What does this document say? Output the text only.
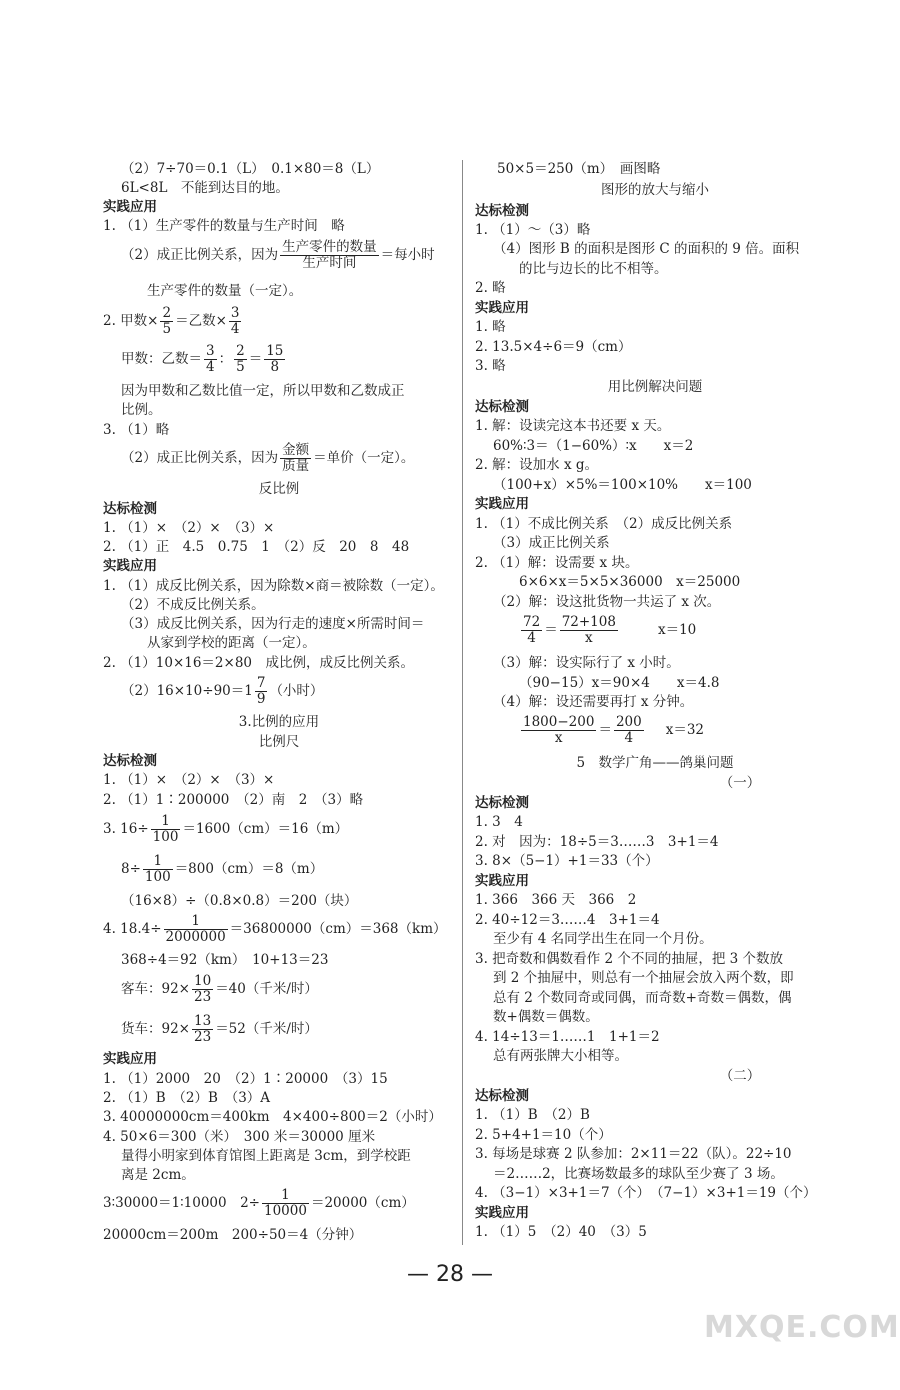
（2）7÷70＝0.1（L）　0.1×80＝8（L）
6L<8L　不能到达目的地。
实践应用
1. （1）生产零件的数量与生产时间　略
（2）成正比例关系，因为 $\frac{\text{生产零件的数量}}{\text{生产时间}}$ ＝每小时
生产零件的数量（一定）。
2. 甲数× $\frac{2}{5}$ ＝乙数× $\frac{3}{4}$
甲数：乙数＝ $\frac{3}{4}$ ： $\frac{2}{5} = \frac{15}{8}$
因为甲数和乙数比值一定，所以甲数和乙数成正
比例。
3. （1）略
（2）成正比例关系，因为 $\frac{\text{金额}}{\text{质量}}$ ＝单价（一定）。
反比例
达标检测
1. （1）×　（2）×　（3）×
2. （1）正　4.5　0.75　1　（2）反　20　8　48
实践应用
1. （1）成反比例关系，因为除数×商＝被除数（一定）。
（2）不成反比例关系。
（3）成反比例关系，因为行走的速度×所需时间＝
从家到学校的距离（一定）。
2. （1）10×16＝2×80　成比例，成反比例关系。
$(2)16\times 10\div 90=1 \frac{7}{9}$ （小时）
3.比例的应用
比例尺
达标检测
1. （1）×　（2）×　（3）×
2. （1）1∶200000　（2）南　2　（3）略
3. $16\div \frac{1}{100} =1600(cm)=16(m)$
$8\div \frac{1}{100} =800(cm)=8(m)$
（16×8）÷（0.8×0.8）＝200（块）
4. $18.4\div \frac{1}{2000000} =36800000(cm)=368(km)$
368÷4＝92（km）　10+13＝23
客车：$92\times \frac{10}{23} =40$（千米/时）
货车：$92\times \frac{13}{23} =52$（千米/时）
实践应用
1. （1）2000　20　（2）1∶20000　（3）15
2. （1）B　（2）B　（3）A
3. 40000000cm＝400km　4×400÷800＝2（小时）
4. 50×6＝300（米）　300 米＝30000 厘米
量得小明家到体育馆图上距离是 3cm，到学校距
离是 2cm。
3∶30000＝1∶10000　$2\div \frac{1}{10000} =20000(cm)$
20000cm＝200m　200÷50＝4（分钟）
50×5＝250（m）　画图略
图形的放大与缩小
达标检测
1. （1）～（3）略
（4）图形 B 的面积是图形 C 的面积的 9 倍。面积
的比与边长的比不相等。
2. 略
实践应用
1. 略
2. 13.5×4÷6＝9（cm）
3. 略
用比例解决问题
达标检测
1. 解：设读完这本书还要 x 天。
60%∶3＝（1−60%）∶x　　x＝2
2. 解：设加水 x g。
（100+x）×5%＝100×10%　　x＝100
实践应用
1. （1）不成比例关系　（2）成反比例关系
（3）成正比例关系
2. （1）解：设需要 x 块。
6×6×x＝5×5×36000　x＝25000
（2）解：设这批货物一共运了 x 次。
$\frac{72}{4} = \frac{72+108}{x}$	x＝10
（3）解：设实际行了 x 小时。
（90−15）x＝90×4　　x＝4.8
（4）解：设还需要再打 x 分钟。
$\frac{1800-200}{x} = \frac{200}{4} x=32$
5　数学广角——鸽巢问题
（一）
达标检测
1. 3　4
2. 对　因为：18÷5＝3……3　3+1＝4
3. 8×（5−1）+1＝33（个）
实践应用
1. 366　366 天　366　2
2. 40÷12＝3……4　3+1＝4
至少有 4 名同学出生在同一个月份。
3. 把奇数和偶数看作 2 个不同的抽屉，把 3 个数放
到 2 个抽屉中，则总有一个抽屉会放入两个数，即
总有 2 个数同奇或同偶，而奇数+奇数＝偶数，偶
数+偶数＝偶数。
4. 14÷13＝1……1　1+1＝2
总有两张牌大小相等。
（二）
达标检测
1. （1）B　（2）B
2. 5+4+1＝10（个）
3. 每场是球赛 2 队参加：2×11＝22（队）。22÷10
＝2……2，比赛场数最多的球队至少赛了 3 场。
4. （3−1）×3+1＝7（个）　（7−1）×3+1＝19（个）
实践应用
1. （1）5　（2）40　（3）5
— 28 —
MXQE.COM
